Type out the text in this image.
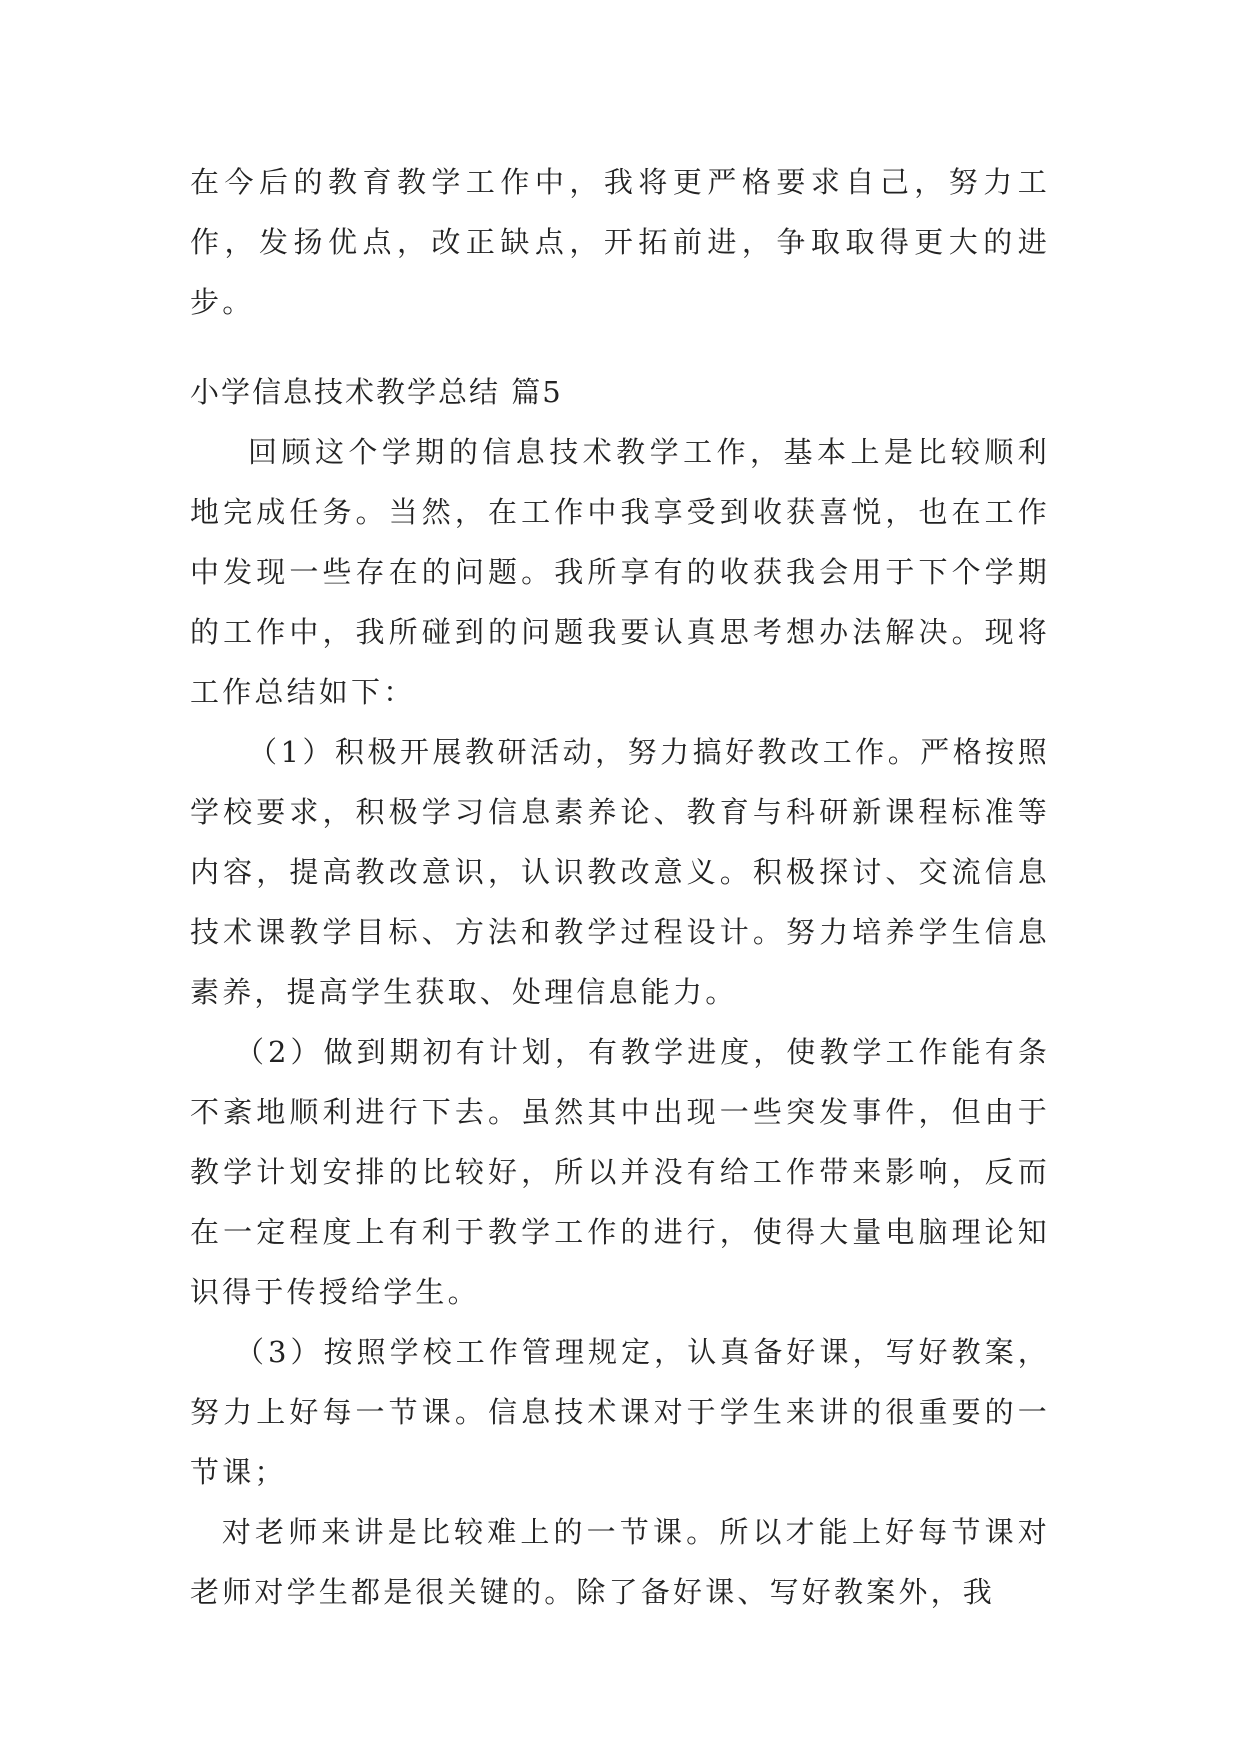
在今后的教育教学工作中，我将更严格要求自己，努力工作，发扬优点，改正缺点，开拓前进，争取取得更大的进步。

小学信息技术教学总结 篇5

回顾这个学期的信息技术教学工作，基本上是比较顺利地完成任务。当然，在工作中我享受到收获喜悦，也在工作中发现一些存在的问题。我所享有的收获我会用于下个学期的工作中，我所碰到的问题我要认真思考想办法解决。现将工作总结如下：

（1）积极开展教研活动，努力搞好教改工作。严格按照学校要求，积极学习信息素养论、教育与科研新课程标准等内容，提高教改意识，认识教改意义。积极探讨、交流信息技术课教学目标、方法和教学过程设计。努力培养学生信息素养，提高学生获取、处理信息能力。

（2）做到期初有计划，有教学进度，使教学工作能有条不紊地顺利进行下去。虽然其中出现一些突发事件，但由于教学计划安排的比较好，所以并没有给工作带来影响，反而在一定程度上有利于教学工作的进行，使得大量电脑理论知识得于传授给学生。

（3）按照学校工作管理规定，认真备好课，写好教案，努力上好每一节课。信息技术课对于学生来讲的很重要的一节课；

对老师来讲是比较难上的一节课。所以才能上好每节课对老师对学生都是很关键的。除了备好课、写好教案外，我
